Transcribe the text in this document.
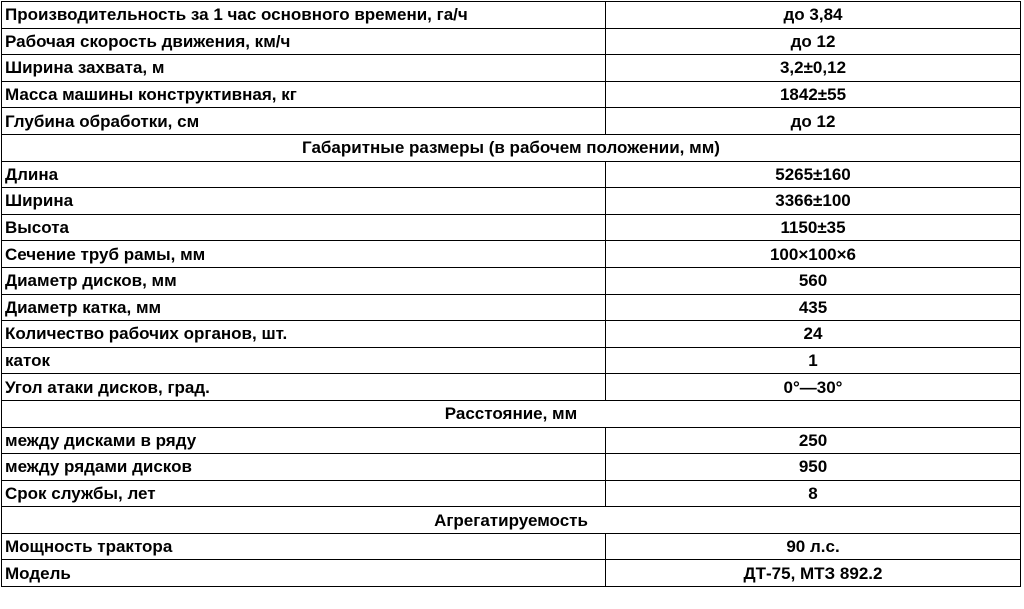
Производительность за 1 час основного времени, га/ч	до 3,84
Рабочая скорость движения, км/ч	до 12
Ширина захвата, м	3,2±0,12
Масса машины конструктивная, кг	1842±55
Глубина обработки, см	до 12
Габаритные размеры (в рабочем положении, мм)	
Длина	5265±160
Ширина	3366±100
Высота	1150±35
Сечение труб рамы, мм	100×100×6
Диаметр дисков, мм	560
Диаметр катка, мм	435
Количество рабочих органов, шт.	24
каток	1
Угол атаки дисков, град.	0°—30°
Расстояние, мм	
между дисками в ряду	250
между рядами дисков	950
Срок службы, лет	8
Агрегатируемость	
Мощность трактора	90 л.с.
Модель	ДТ-75, МТЗ 892.2
